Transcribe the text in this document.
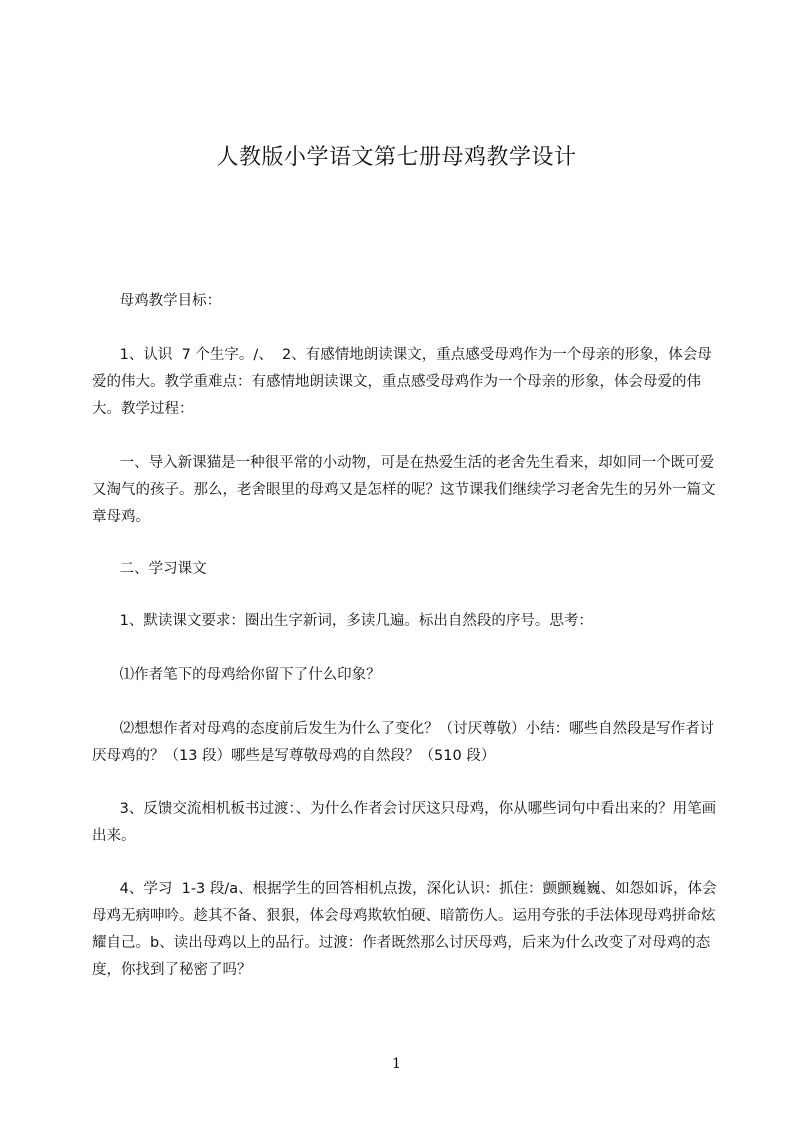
人教版小学语文第七册母鸡教学设计

母鸡教学目标：

1、认识  7 个生字。/、  2、有感情地朗读课文，重点感受母鸡作为一个母亲的形象，体会母爱的伟大。教学重难点：有感情地朗读课文，重点感受母鸡作为一个母亲的形象，体会母爱的伟大。教学过程：

一、导入新课猫是一种很平常的小动物，可是在热爱生活的老舍先生看来，却如同一个既可爱又淘气的孩子。那么，老舍眼里的母鸡又是怎样的呢？这节课我们继续学习老舍先生的另外一篇文章母鸡。

二、学习课文

1、默读课文要求：圈出生字新词，多读几遍。标出自然段的序号。思考：

⑴作者笔下的母鸡给你留下了什么印象？

⑵想想作者对母鸡的态度前后发生为什么了变化？（讨厌尊敬）小结：哪些自然段是写作者讨厌母鸡的？（13 段）哪些是写尊敬母鸡的自然段？（510 段）

3、反馈交流相机板书过渡：、为什么作者会讨厌这只母鸡，你从哪些词句中看出来的？用笔画出来。

4、学习  1-3 段/a、根据学生的回答相机点拨，深化认识：抓住：颤颤巍巍、如怨如诉，体会母鸡无病呻吟。趁其不备、狠狠，体会母鸡欺软怕硬、暗箭伤人。运用夸张的手法体现母鸡拼命炫耀自己。b、读出母鸡以上的品行。过渡：作者既然那么讨厌母鸡，后来为什么改变了对母鸡的态度，你找到了秘密了吗？

1
